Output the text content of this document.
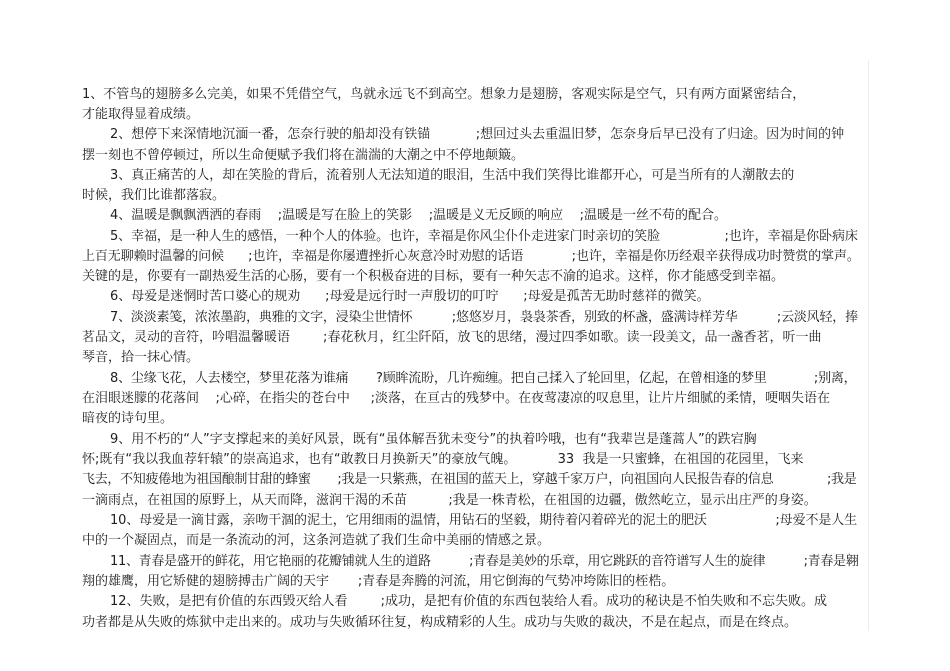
1、不管鸟的翅膀多么完美，如果不凭借空气，鸟就永远飞不到高空。想象力是翅膀，客观实际是空气，只有两方面紧密结合，
才能取得显着成绩。
2、想停下来深情地沉湎一番，怎奈行驶的船却没有铁锚           ;想回过头去重温旧梦，怎奈身后早已没有了归途。因为时间的钟
摆一刻也不曾停顿过，所以生命便赋予我们将在湍湍的大潮之中不停地颠簸。
3、真正痛苦的人，却在笑脸的背后，流着别人无法知道的眼泪，生活中我们笑得比谁都开心，可是当所有的人潮散去的
时候，我们比谁都落寂。
4、温暖是飘飘洒洒的春雨    ;温暖是写在脸上的笑影    ;温暖是义无反顾的响应    ;温暖是一丝不苟的配合。
5、幸福，是一种人生的感悟，一种个人的体验。也许，幸福是你风尘仆仆走进家门时亲切的笑脸                ;也许，幸福是你卧病床
上百无聊赖时温馨的问候      ;也许，幸福是你屡遭挫折心灰意冷时劝慰的话语            ;也许，幸福是你历经艰辛获得成功时赞赏的掌声。
关键的是，你要有一副热爱生活的心肠，要有一个积极奋进的目标，要有一种矢志不渝的追求。这样，你才能感受到幸福。
6、母爱是迷惘时苦口婆心的规劝      ;母爱是远行时一声殷切的叮咛      ;母爱是孤苦无助时慈祥的微笑。
7、淡淡素笺，浓浓墨韵，典雅的文字，浸染尘世情怀          ;悠悠岁月，袅袅茶香，别致的杯盏，盛满诗样芳华          ;云淡风轻，捧
茗品文，灵动的音符，吟唱温馨暖语        ;春花秋月，红尘阡陌，放飞的思绪，漫过四季如歌。读一段美文，品一盏香茗，听一曲
琴音，拾一抹心情。
8、尘缘飞花，人去楼空，梦里花落为谁痛       ?顾眸流盼，几许痴缠。把自己揉入了轮回里，亿起，在曾相逢的梦里            ;别离，
在泪眼迷朦的花落间    ;心碎，在指尖的苍台中     ;淡落，在亘古的残梦中。在夜莺凄凉的叹息里，让片片细腻的柔情，哽咽失语在
暗夜的诗句里。
9、用不朽的“人”字支撑起来的美好风景，既有“虽体解吾犹未变兮”的执着吟哦，也有“我辈岂是蓬蒿人”的跌宕胸
怀;既有“我以我血荐轩辕”的崇高追求，也有“敢教日月换新天”的豪放气魄。          33  我是一只蜜蜂，在祖国的花园里，飞来
飞去，不知疲倦地为祖国酿制甘甜的蜂蜜       ;我是一只紫燕，在祖国的蓝天上，穿越千家万户，向祖国向人民报告春的信息              ;我是
一滴雨点，在祖国的原野上，从天而降，滋润干渴的禾苗          ;我是一株青松，在祖国的边疆，傲然屹立，显示出庄严的身姿。
10、母爱是一滴甘露，亲吻干涸的泥土，它用细雨的温情，用钻石的坚毅，期待着闪着碎光的泥土的肥沃                 ;母爱不是人生
中的一个凝固点，而是一条流动的河，这条河造就了我们生命中美丽的情感之景。
11、青春是盛开的鲜花，用它艳丽的花瓣铺就人生的道路          ;青春是美妙的乐章，用它跳跃的音符谱写人生的旋律          ;青春是翱
翔的雄鹰，用它矫健的翅膀搏击广阔的天宇       ;青春是奔腾的河流，用它倒海的气势冲垮陈旧的桎梏。
12、失败，是把有价值的东西毁灭给人看        ;成功，是把有价值的东西包装给人看。成功的秘诀是不怕失败和不忘失败。成
功者都是从失败的炼狱中走出来的。成功与失败循环往复，构成精彩的人生。成功与失败的裁决，不是在起点，而是在终点。
